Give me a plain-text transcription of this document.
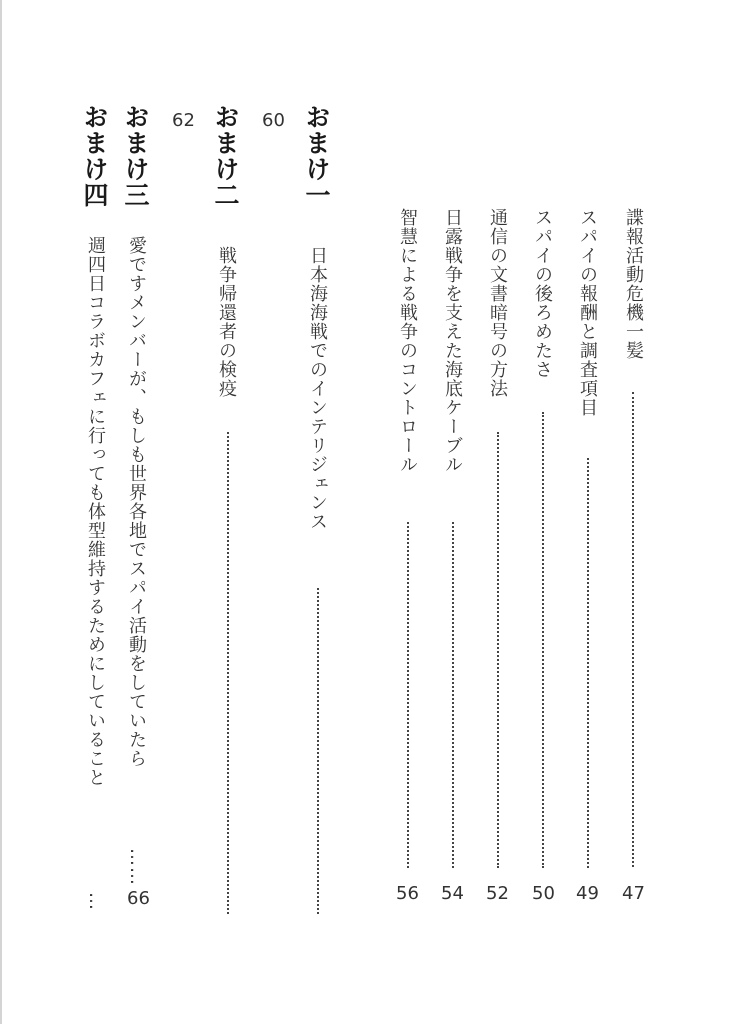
諜報活動危機一髪
47
スパイの報酬と調査項目
49
スパイの後ろめたさ
50
通信の文書暗号の方法
52
日露戦争を支えた海底ケーブル
54
智慧による戦争のコントロール
56
おまけ一
日本海海戦でのインテリジェンス
60
おまけ二
戦争帰還者の検疫
62
おまけ三
愛ですメンバーが、もしも世界各地でスパイ活動をしていたら
……
66
おまけ四
週四日コラボカフェに行っても体型維持するためにしていること
…
